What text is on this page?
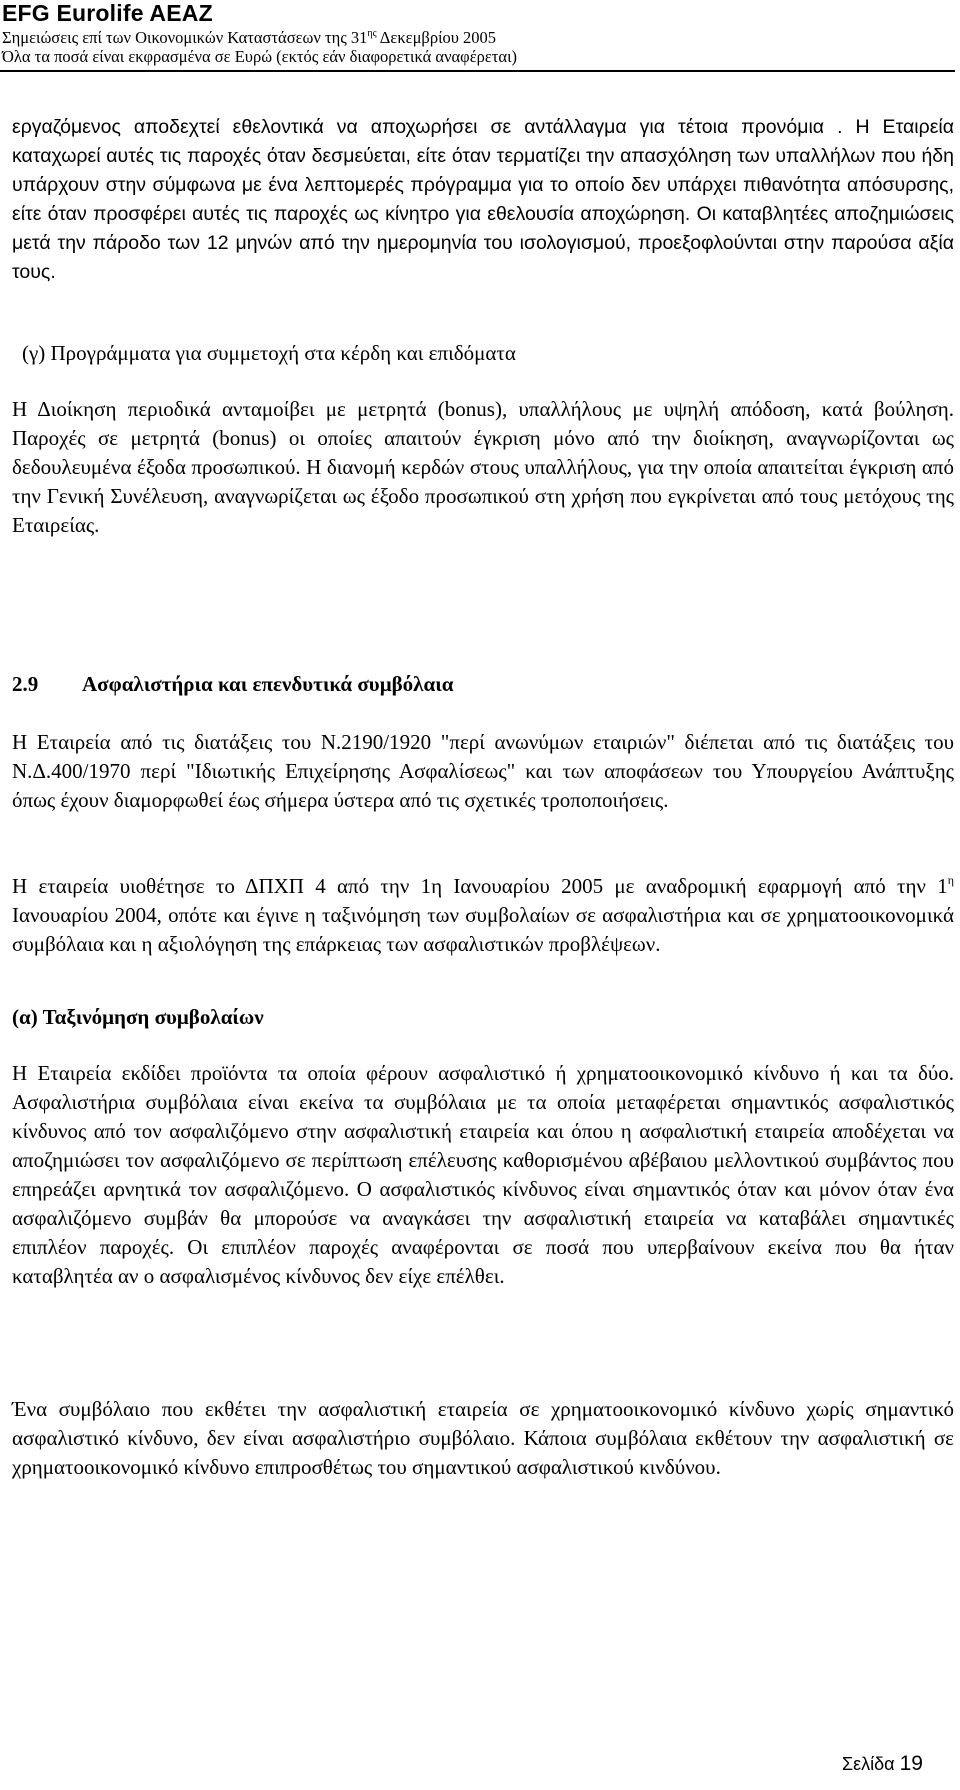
EFG Eurolife AEAZ
Σημειώσεις επί των Οικονομικών Καταστάσεων της $31^{\eta\varsigma}$ Δεκεμβρίου 2005
Όλα τα ποσά είναι εκφρασμένα σε Ευρώ (εκτός εάν διαφορετικά αναφέρεται)

εργαζόμενος αποδεχτεί εθελοντικά να αποχωρήσει σε αντάλλαγμα για τέτοια προνόμια . Η Εταιρεία καταχωρεί αυτές τις παροχές όταν δεσμεύεται, είτε όταν τερματίζει την απασχόληση των υπαλλήλων που ήδη υπάρχουν στην σύμφωνα με ένα λεπτομερές πρόγραμμα για το οποίο δεν υπάρχει πιθανότητα απόσυρσης, είτε όταν προσφέρει αυτές τις παροχές ως κίνητρο για εθελουσία αποχώρηση. Οι καταβλητέες αποζημιώσεις μετά την πάροδο των 12 μηνών από την ημερομηνία του ισολογισμού, προεξοφλούνται στην παρούσα αξία τους.

(γ) Προγράμματα για συμμετοχή στα κέρδη και επιδόματα

Η Διοίκηση περιοδικά ανταμοίβει με μετρητά (bonus), υπαλλήλους με υψηλή απόδοση, κατά βούληση. Παροχές σε μετρητά (bonus) οι οποίες απαιτούν έγκριση μόνο από την διοίκηση, αναγνωρίζονται ως δεδουλευμένα έξοδα προσωπικού. Η διανομή κερδών στους υπαλλήλους, για την οποία απαιτείται έγκριση από την Γενική Συνέλευση, αναγνωρίζεται ως έξοδο προσωπικού στη χρήση που εγκρίνεται από τους μετόχους της Εταιρείας.

2.9 Ασφαλιστήρια και επενδυτικά συμβόλαια

Η Εταιρεία από τις διατάξεις του Ν.2190/1920 "περί ανωνύμων εταιριών" διέπεται από τις διατάξεις του Ν.Δ.400/1970 περί "Ιδιωτικής Επιχείρησης Ασφαλίσεως" και των αποφάσεων του Υπουργείου Ανάπτυξης όπως έχουν διαμορφωθεί έως σήμερα ύστερα από τις σχετικές τροποποιήσεις.

Η εταιρεία υιοθέτησε το ΔΠΧΠ 4 από την 1η Ιανουαρίου 2005 με αναδρομική εφαρμογή από την $1^\eta$ Ιανουαρίου 2004, οπότε και έγινε η ταξινόμηση των συμβολαίων σε ασφαλιστήρια και σε χρηματοοικονομικά συμβόλαια και η αξιολόγηση της επάρκειας των ασφαλιστικών προβλέψεων.

(α) Ταξινόμηση συμβολαίων

Η Εταιρεία εκδίδει προϊόντα τα οποία φέρουν ασφαλιστικό ή χρηματοοικονομικό κίνδυνο ή και τα δύο. Ασφαλιστήρια συμβόλαια είναι εκείνα τα συμβόλαια με τα οποία μεταφέρεται σημαντικός ασφαλιστικός κίνδυνος από τον ασφαλιζόμενο στην ασφαλιστική εταιρεία και όπου η ασφαλιστική εταιρεία αποδέχεται να αποζημιώσει τον ασφαλιζόμενο σε περίπτωση επέλευσης καθορισμένου αβέβαιου μελλοντικού συμβάντος που επηρεάζει αρνητικά τον ασφαλιζόμενο. Ο ασφαλιστικός κίνδυνος είναι σημαντικός όταν και μόνον όταν ένα ασφαλιζόμενο συμβάν θα μπορούσε να αναγκάσει την ασφαλιστική εταιρεία να καταβάλει σημαντικές επιπλέον παροχές. Οι επιπλέον παροχές αναφέρονται σε ποσά που υπερβαίνουν εκείνα που θα ήταν καταβλητέα αν ο ασφαλισμένος κίνδυνος δεν είχε επέλθει.

Ένα συμβόλαιο που εκθέτει την ασφαλιστική εταιρεία σε χρηματοοικονομικό κίνδυνο χωρίς σημαντικό ασφαλιστικό κίνδυνο, δεν είναι ασφαλιστήριο συμβόλαιο. Κάποια συμβόλαια εκθέτουν την ασφαλιστική σε χρηματοοικονομικό κίνδυνο επιπροσθέτως του σημαντικού ασφαλιστικού κινδύνου.

Σελίδα 19
